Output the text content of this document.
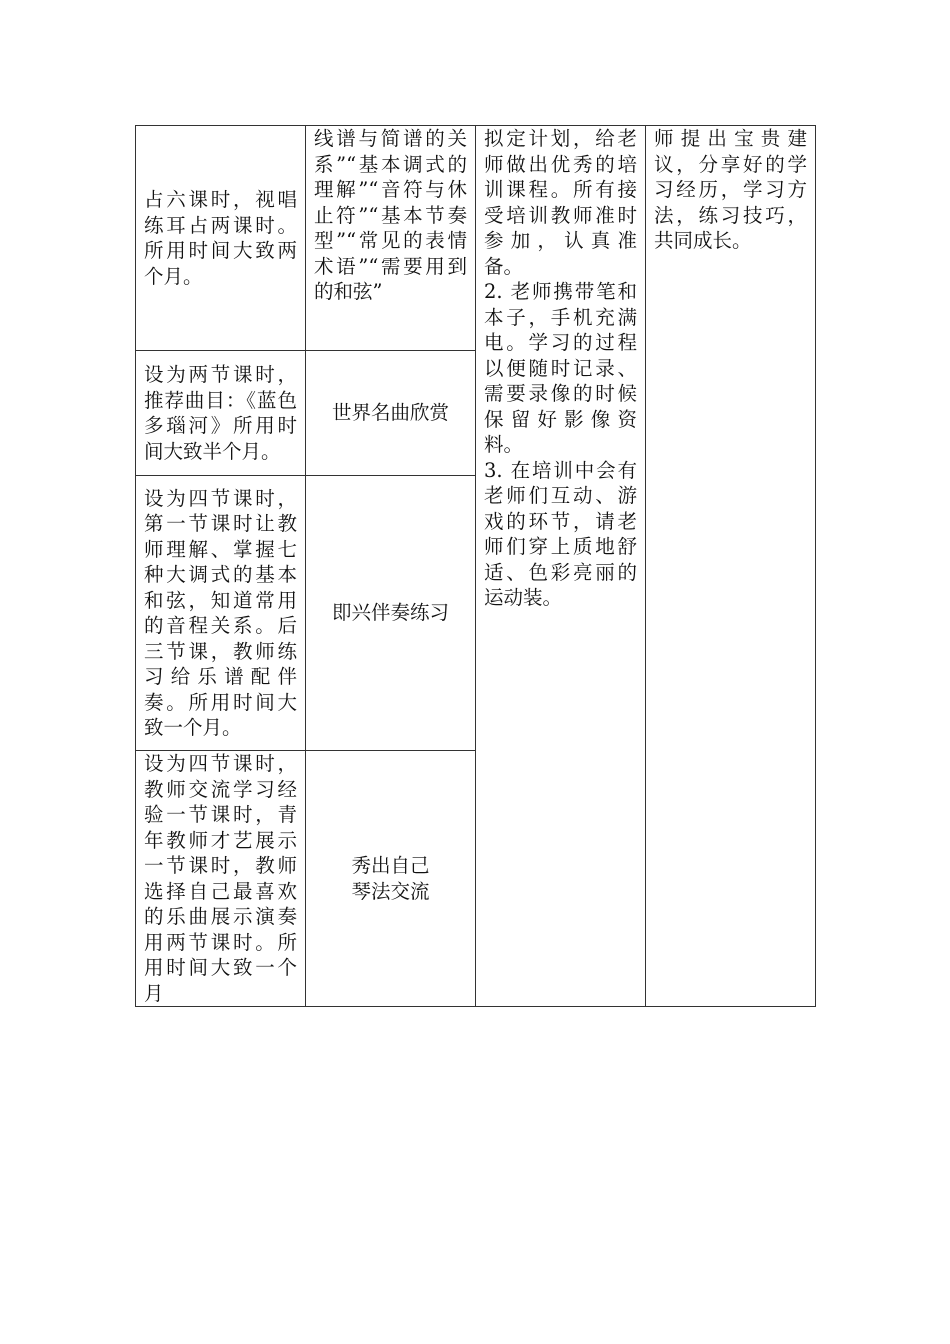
占六课时，视唱练耳占两课时。所用时间大致两个月。	线谱与简谱的关系”“基本调式的理解”“音符与休止符”“基本节奏型”“常见的表情术语”“需要用到的和弦”	拟定计划，给老师做出优秀的培训课程。所有接受培训教师准时参加，认真准备。
2. 老师携带笔和本子，手机充满电。学习的过程以便随时记录、需要录像的时候保留好影像资料。
3. 在培训中会有老师们互动、游戏的环节，请老师们穿上质地舒适、色彩亮丽的运动装。	师提出宝贵建议，分享好的学习经历，学习方法，练习技巧，共同成长。
设为两节课时，推荐曲目：《蓝色多瑙河》所用时间大致半个月。	世界名曲欣赏		
设为四节课时，第一节课时让教师理解、掌握七种大调式的基本和弦，知道常用的音程关系。后三节课，教师练习给乐谱配伴奏。所用时间大致一个月。	即兴伴奏练习		
设为四节课时，教师交流学习经验一节课时，青年教师才艺展示一节课时，教师选择自己最喜欢的乐曲展示演奏用两节课时。所用时间大致一个月	秀出自己
琴法交流		
